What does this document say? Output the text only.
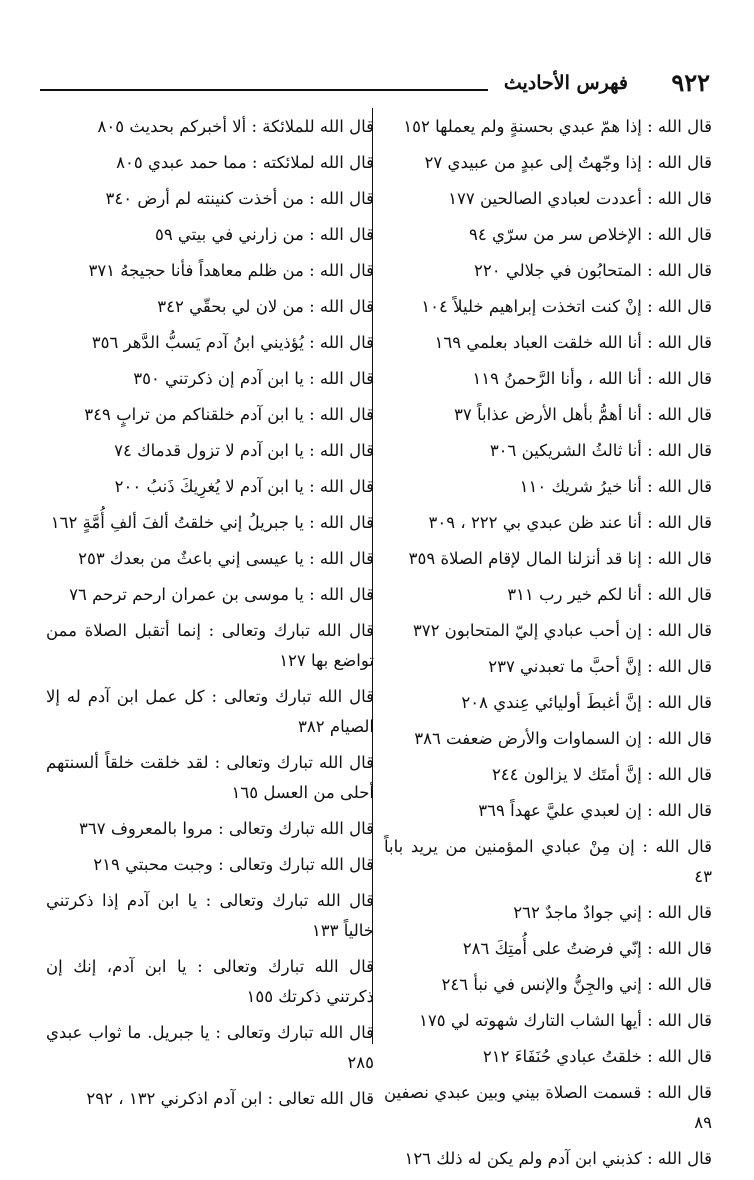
٩٢٢
فهرس الأحاديث
قال الله : إذا همّ عبدي بحسنةٍ ولم يعملها ١٥٢
قال الله : إذا وجّهتُ إلى عبدٍ من عبيدي ٢٧
قال الله : أعددت لعبادي الصالحين ١٧٧
قال الله : الإخلاص سر من سرّي ٩٤
قال الله : المتحابُون في جلالي ٢٢٠
قال الله : إنْ كنت اتخذت إبراهيم خليلاً ١٠٤
قال الله : أنا الله خلقت العباد بعلمي ١٦٩
قال الله : أنا الله ، وأنا الرَّحمنُ ١١٩
قال الله : أنا أهمُّ بأهل الأرض عذاباً ٣٧
قال الله : أنا ثالثُ الشريكين ٣٠٦
قال الله : أنا خيرُ شريك ١١٠
قال الله : أنا عند ظن عبدي بي ٢٢٢ ، ٣٠٩
قال الله : إنا قد أنزلنا المال لإقام الصلاة ٣٥٩
قال الله : أنا لكم خير رب ٣١١
قال الله : إن أحب عبادي إليّ المتحابون ٣٧٢
قال الله : إنَّ أحبَّ ما تعبدني ٢٣٧
قال الله : إنَّ أغبطَ أوليائي عِندي ٢٠٨
قال الله : إن السماوات والأرض ضعفت ٣٨٦
قال الله : إنَّ أمتَك لا يزالون ٢٤٤
قال الله : إن لعبدي عليَّ عهداً ٣٦٩
قال الله : إن مِنْ عبادي المؤمنين من يريد باباً ٤٣
قال الله : إني جوادٌ ماجدٌ ٢٦٢
قال الله : إنّي فرضتُ على أُمتِكَ ٢٨٦
قال الله : إني والجِنُّ والإنس في نبأ ٢٤٦
قال الله : أيها الشاب التارك شهوته لي ١٧٥
قال الله : خلقتُ عبادي حُنَفَاءَ ٢١٢
قال الله : قسمت الصلاة بيني وبين عبدي نصفين ٨٩
قال الله : كذبني ابن آدم ولم يكن له ذلك ١٢٦
قال الله للملائكة : ألا أخبركم بحديث ٨٠٥
قال الله لملائكته : مما حمد عبدي ٨٠٥
قال الله : من أخذت كنينته لم أرض ٣٤٠
قال الله : من زارني في بيتي ٥٩
قال الله : من ظلم معاهداً فأنا حجيجهُ ٣٧١
قال الله : من لان لي بحقّي ٣٤٢
قال الله : يُؤذيني ابنُ آدم يَسبُّ الدَّهر ٣٥٦
قال الله : يا ابن آدم إن ذكرتني ٣٥٠
قال الله : يا ابن آدم خلقناكم من ترابٍ ٣٤٩
قال الله : يا ابن آدم لا تزول قدماك ٧٤
قال الله : يا ابن آدم لا يُغرِيكَ ذَنبُ ٢٠٠
قال الله : يا جبريلُ إني خلقتُ ألفَ ألفِ أُمَّةٍ ١٦٢
قال الله : يا عيسى إني باعثٌ من بعدك ٢٥٣
قال الله : يا موسى بن عمران ارحم ترحم ٧٦
قال الله تبارك وتعالى : إنما أتقبل الصلاة ممن تواضع بها ١٢٧
قال الله تبارك وتعالى : كل عمل ابن آدم له إلا الصيام ٣٨٢
قال الله تبارك وتعالى : لقد خلقت خلقاً ألسنتهم أحلى من العسل ١٦٥
قال الله تبارك وتعالى : مروا بالمعروف ٣٦٧
قال الله تبارك وتعالى : وجبت محبتي ٢١٩
قال الله تبارك وتعالى : يا ابن آدم إذا ذكرتني خالياً ١٣٣
قال الله تبارك وتعالى : يا ابن آدم، إنك إن ذكرتني ذكرتك ١٥٥
قال الله تبارك وتعالى : يا جبريل. ما ثواب عبدي ٢٨٥
قال الله تعالى : ابن آدم اذكرني ١٣٢ ، ٢٩٢
